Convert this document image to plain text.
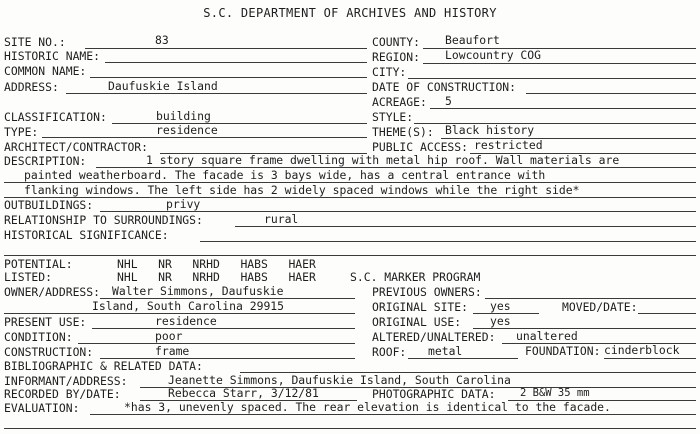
S.C. DEPARTMENT OF ARCHIVES AND HISTORY
SITE NO.:	83
HISTORIC NAME:
COMMON NAME:
ADDRESS:	Daufuskie Island
CLASSIFICATION:	building
TYPE:	residence
ARCHITECT/CONTRACTOR:
COUNTY: Beaufort
REGION: Lowcountry COG
CITY:
DATE OF CONSTRUCTION:
ACREAGE: 5
STYLE:
THEME(S): Black history
PUBLIC ACCESS: restricted
DESCRIPTION:	1 story square frame dwelling with metal hip roof. Wall materials are
painted weatherboard. The facade is 3 bays wide, has a central entrance with
flanking windows. The left side has 2 widely spaced windows while the right side*
OUTBUILDINGS:	privy
RELATIONSHIP TO SURROUNDINGS:	rural
HISTORICAL SIGNIFICANCE:
POTENTIAL:	NHL   NR   NRHD   HABS   HAER
LISTED:	NHL   NR   NRHD   HABS   HAER	S.C. MARKER PROGRAM
OWNER/ADDRESS: Walter Simmons, Daufuskie
Island, South Carolina 29915
PREVIOUS OWNERS:
ORIGINAL SITE: yes	MOVED/DATE:
PRESENT USE:	residence	ORIGINAL USE:	yes
CONDITION:	poor	ALTERED/UNALTERED: unaltered
CONSTRUCTION:	frame	ROOF: metal	FOUNDATION: cinderblock
BIBLIOGRAPHIC & RELATED DATA:
INFORMANT/ADDRESS:	Jeanette Simmons, Daufuskie Island, South Carolina
RECORDED BY/DATE:	Rebecca Starr, 3/12/81	PHOTOGRAPHIC DATA: 2 B&W 35 mm
EVALUATION:	*has 3, unevenly spaced. The rear elevation is identical to the facade.
